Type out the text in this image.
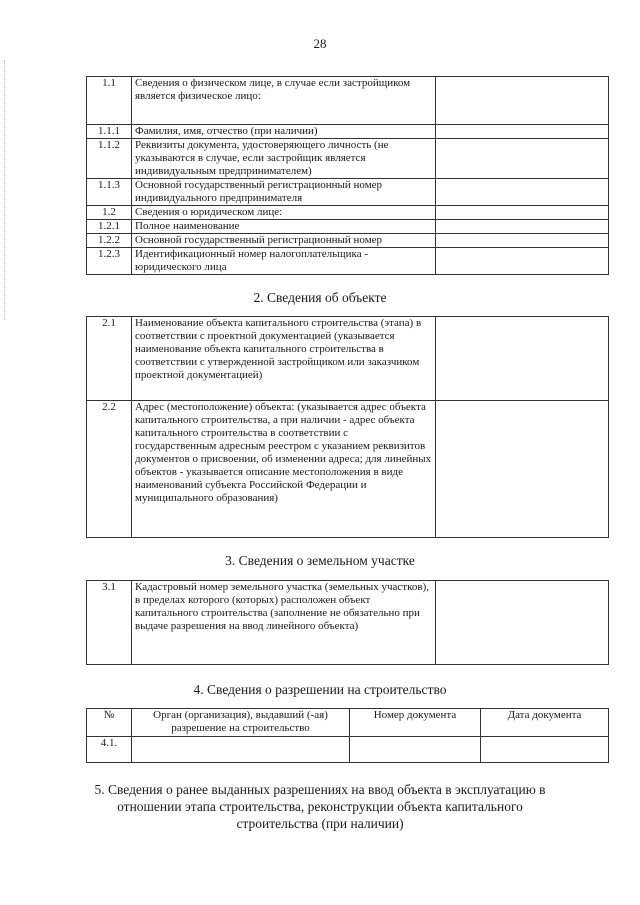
28
1.1	Сведения о физическом лице, в случае если застройщиком является физическое лицо:	
1.1.1	Фамилия, имя, отчество (при наличии)	
1.1.2	Реквизиты документа, удостоверяющего личность (не указываются в случае, если застройщик является индивидуальным предпринимателем)	
1.1.3	Основной государственный регистрационный номер индивидуального предпринимателя	
1.2	Сведения о юридическом лице:	
1.2.1	Полное наименование	
1.2.2	Основной государственный регистрационный номер	
1.2.3	Идентификационный номер налогоплательщика - юридического лица	
2. Сведения об объекте
2.1	Наименование объекта капитального строительства (этапа) в соответствии с проектной документацией (указывается наименование объекта капитального строительства в соответствии с утвержденной застройщиком или заказчиком проектной документацией)	
2.2	Адрес (местоположение) объекта: (указывается адрес объекта капитального строительства, а при наличии - адрес объекта капитального строительства в соответствии с государственным адресным реестром с указанием реквизитов документов о присвоении, об изменении адреса; для линейных объектов - указывается описание местоположения в виде наименований субъекта Российской Федерации и муниципального образования)	
3. Сведения о земельном участке
3.1	Кадастровый номер земельного участка (земельных участков), в пределах которого (которых) расположен объект капитального строительства (заполнение не обязательно при выдаче разрешения на ввод линейного объекта)	
4. Сведения о разрешении на строительство
№	Орган (организация), выдавший (-ая) разрешение на строительство	Номер документа	Дата документа
4.1.			
5. Сведения о ранее выданных разрешениях на ввод объекта в эксплуатацию в отношении этапа строительства, реконструкции объекта капитального строительства (при наличии)
